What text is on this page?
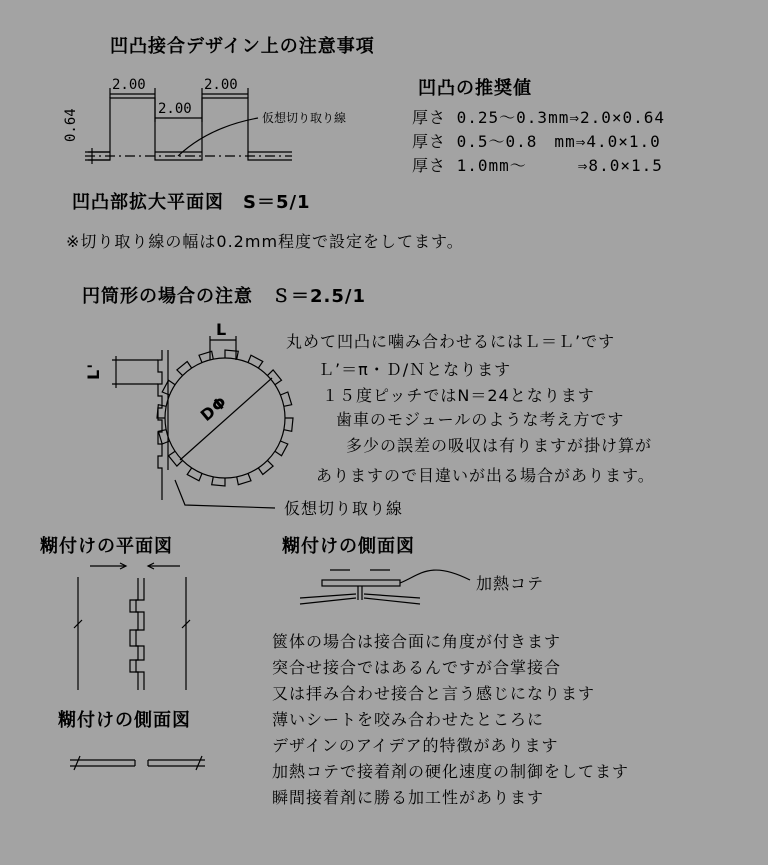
凹凸接合デザイン上の注意事項
2.00	2.00
2.00
0.64	仮想切り取り線
凹凸の推奨値
厚さ 0.25〜0.3mm⇒2.0×0.64
厚さ 0.5〜0.8　mm⇒4.0×1.0
厚さ 1.0mm〜　　　⇒8.0×1.5
凹凸部拡大平面図　S＝5/1
※切り取り線の幅は0.2mm程度で設定をしてます。
円筒形の場合の注意　Ｓ＝2.5/1
L
L'
DΦ
仮想切り取り線
丸めて凹凸に噛み合わせるにはＬ＝Ｌ’です
Ｌ’＝π・Ｄ/Ｎとなります
１５度ピッチではN＝24となります
歯車のモジュールのような考え方です
多少の誤差の吸収は有りますが掛け算が
ありますので目違いが出る場合があります。
糊付けの平面図
糊付けの側面図
糊付けの側面図
加熱コテ
篋体の場合は接合面に角度が付きます
突合せ接合ではあるんですが合掌接合
又は拝み合わせ接合と言う感じになります
薄いシートを咬み合わせたところに
デザインのアイデア的特徴があります
加熱コテで接着剤の硬化速度の制御をしてます
瞬間接着剤に勝る加工性があります
